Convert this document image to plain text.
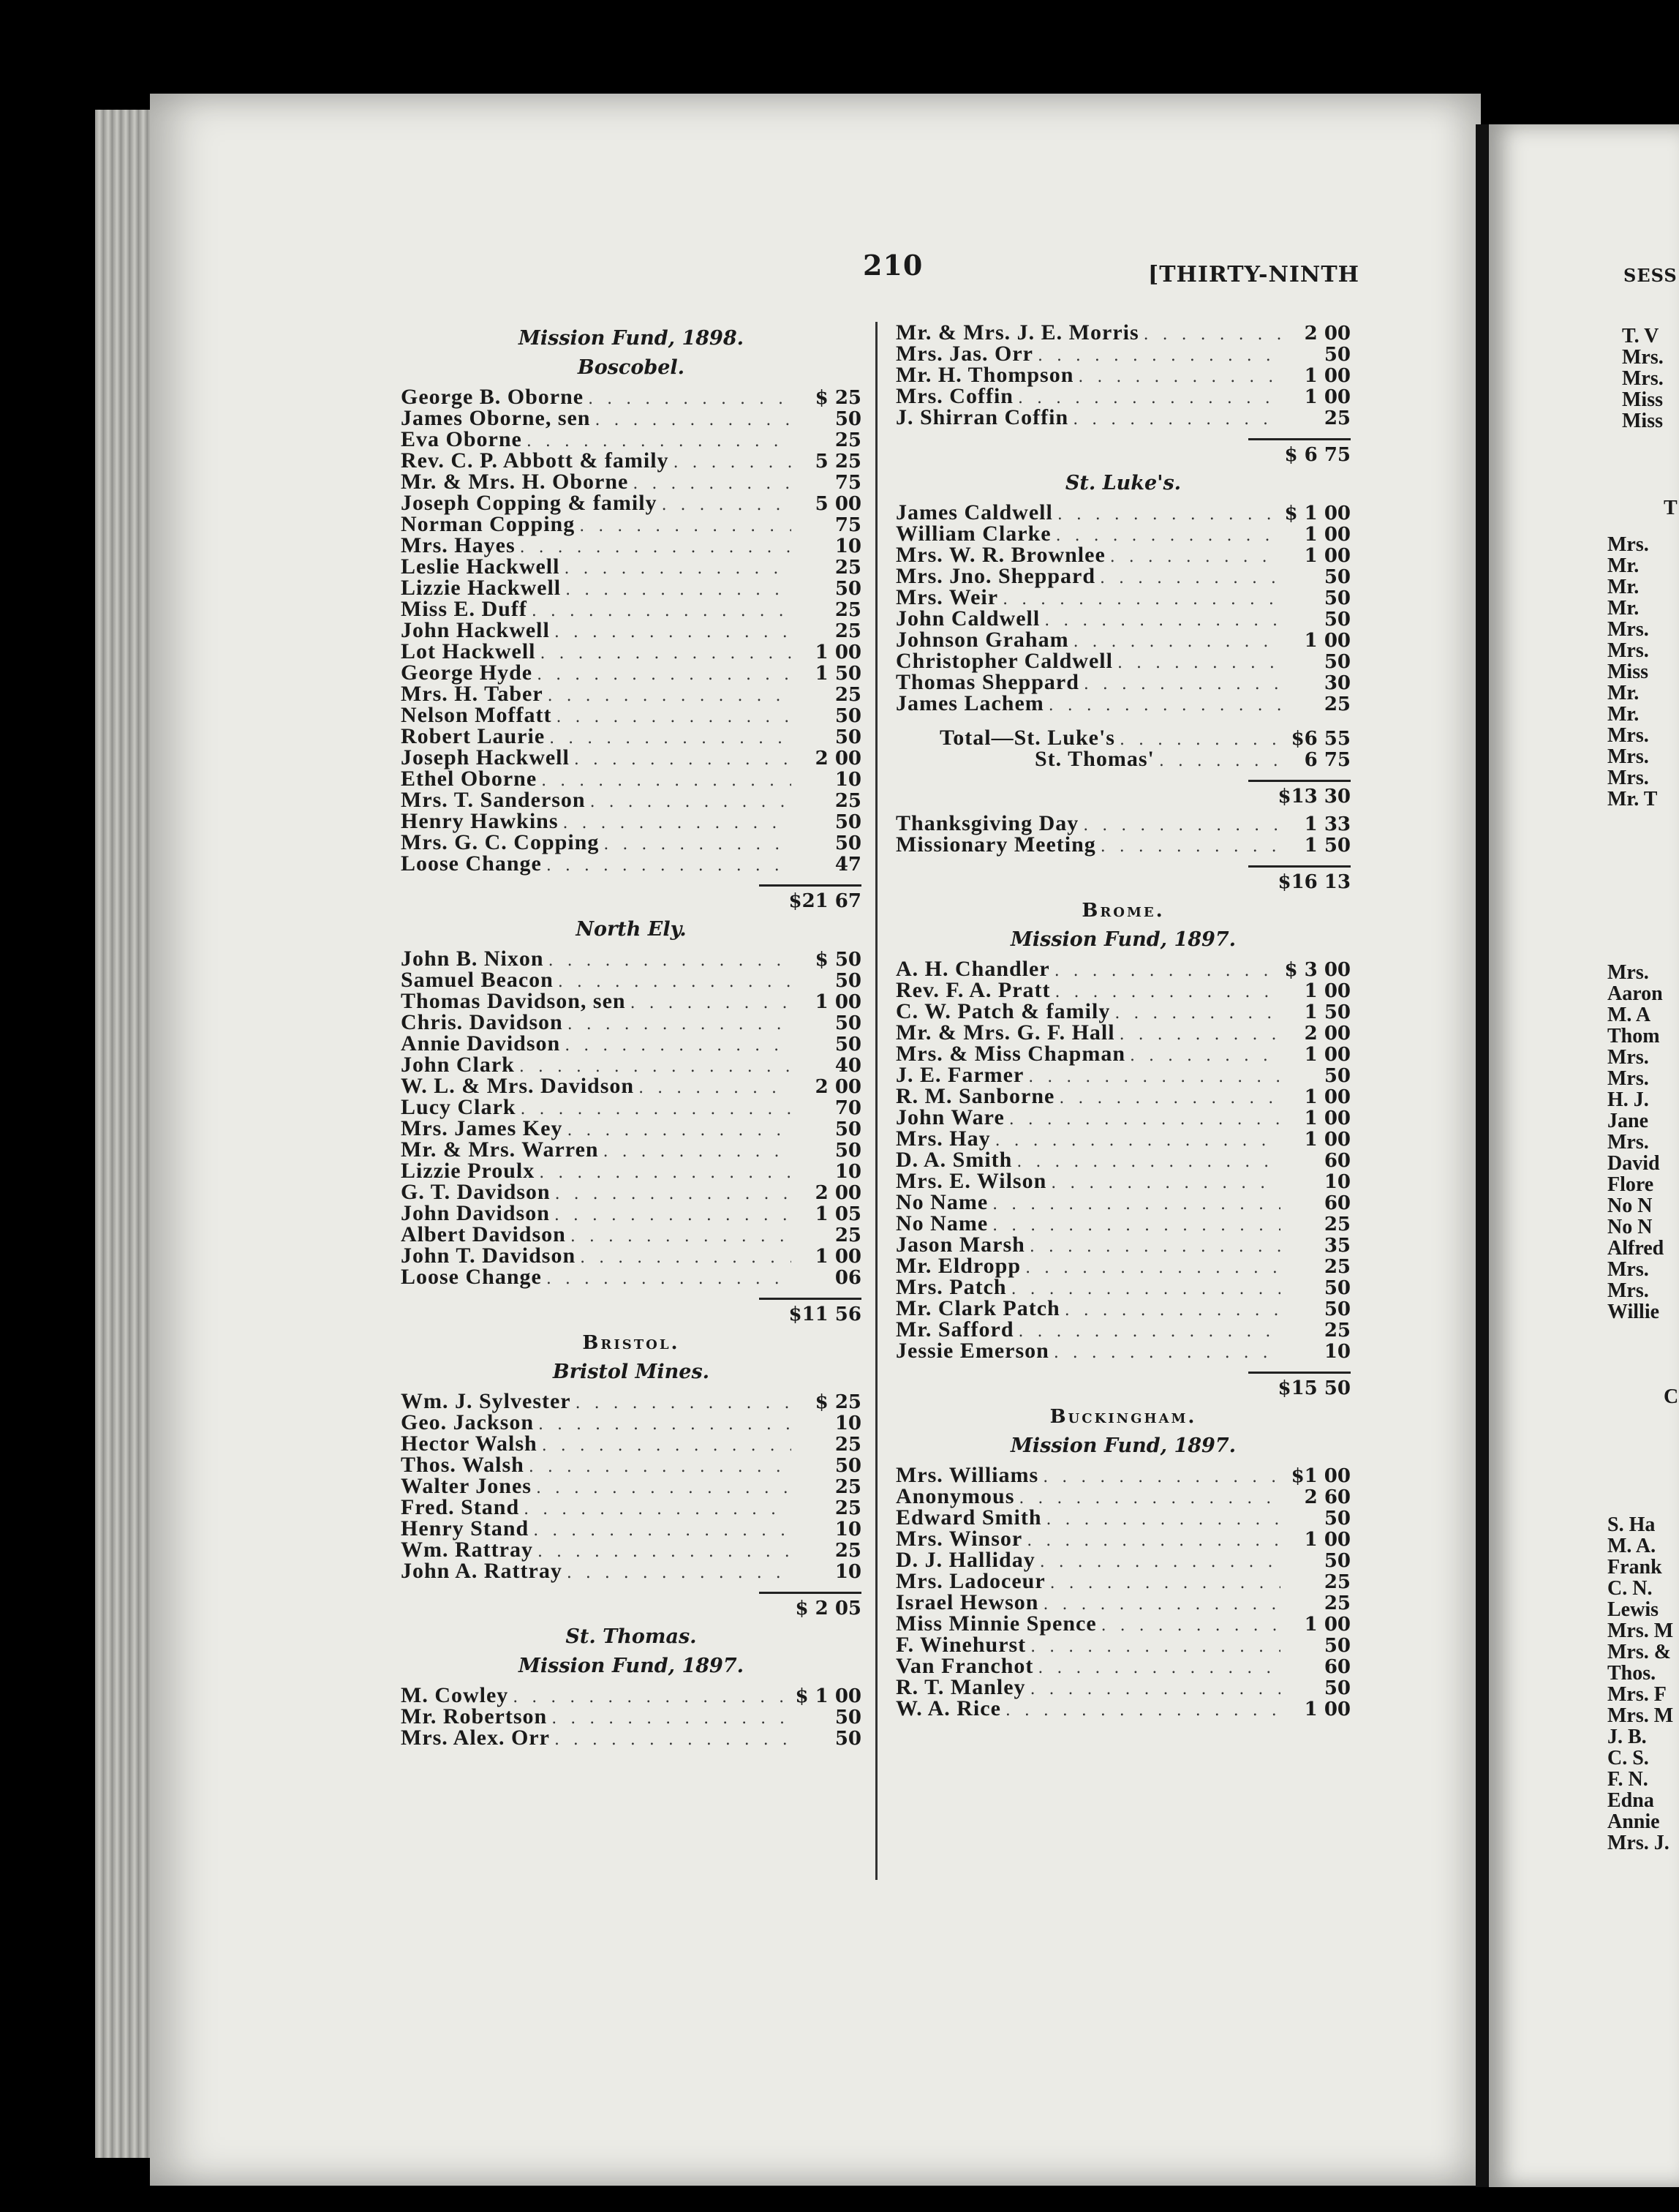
210	[THIRTY-NINTH	SESS
Mission Fund, 1898.
Boscobel.
George B. Oborne . . .	$ 25
James Oborne, sen . . .	50
Eva Oborne . . .	25
Rev. C. P. Abbott & family . . .	5 25
Mr. & Mrs. H. Oborne . . .	75
Joseph Copping & family . . .	5 00
Norman Copping . . .	75
Mrs. Hayes . . .	10
Leslie Hackwell . . .	25
Lizzie Hackwell . . .	50
Miss E. Duff . . .	25
John Hackwell . . .	25
Lot Hackwell . . .	1 00
George Hyde . . .	1 50
Mrs. H. Taber . . .	25
Nelson Moffatt . . .	50
Robert Laurie . . .	50
Joseph Hackwell . . .	2 00
Ethel Oborne . . .	10
Mrs. T. Sanderson . . .	25
Henry Hawkins . . .	50
Mrs. G. C. Copping . . .	50
Loose Change . . .	47
$21 67
North Ely.
John B. Nixon . . .	$ 50
Samuel Beacon . . .	50
Thomas Davidson, sen . . .	1 00
Chris. Davidson . . .	50
Annie Davidson . . .	50
John Clark . . .	40
W. L. & Mrs. Davidson . . .	2 00
Lucy Clark . . .	70
Mrs. James Key . . .	50
Mr. & Mrs. Warren . . .	50
Lizzie Proulx . . .	10
G. T. Davidson . . .	2 00
John Davidson . . .	1 05
Albert Davidson . . .	25
John T. Davidson . . .	1 00
Loose Change . . .	06
$11 56
Bristol.
Bristol Mines.
Wm. J. Sylvester . . .	$ 25
Geo. Jackson . . .	10
Hector Walsh . . .	25
Thos. Walsh . . .	50
Walter Jones . . .	25
Fred. Stand . . .	25
Henry Stand . . .	10
Wm. Rattray . . .	25
John A. Rattray . . .	10
$ 2 05
St. Thomas.
Mission Fund, 1897.
M. Cowley . . .	$ 1 00
Mr. Robertson . . .	50
Mrs. Alex. Orr . . .	50
Mr. & Mrs. J. E. Morris . . .	2 00
Mrs. Jas. Orr . . .	50
Mr. H. Thompson . . .	1 00
Mrs. Coffin . . .	1 00
J. Shirran Coffin . . .	25
$ 6 75
St. Luke's.
James Caldwell . . .	$ 1 00
William Clarke . . .	1 00
Mrs. W. R. Brownlee . . .	1 00
Mrs. Jno. Sheppard . . .	50
Mrs. Weir . . .	50
John Caldwell . . .	50
Johnson Graham . . .	1 00
Christopher Caldwell . . .	50
Thomas Sheppard . . .	30
James Lachem . . .	25
Total—St. Luke's . . .	$6 55
St. Thomas' . . .	6 75
$13 30
Thanksgiving Day . . .	1 33
Missionary Meeting . . .	1 50
$16 13
Brome.
Mission Fund, 1897.
A. H. Chandler . . .	$ 3 00
Rev. F. A. Pratt . . .	1 00
C. W. Patch & family . . .	1 50
Mr. & Mrs. G. F. Hall . . .	2 00
Mrs. & Miss Chapman . . .	1 00
J. E. Farmer . . .	50
R. M. Sanborne . . .	1 00
John Ware . . .	1 00
Mrs. Hay . . .	1 00
D. A. Smith . . .	60
Mrs. E. Wilson . . .	10
No Name . . .	60
No Name . . .	25
Jason Marsh . . .	35
Mr. Eldropp . . .	25
Mrs. Patch . . .	50
Mr. Clark Patch . . .	50
Mr. Safford . . .	25
Jessie Emerson . . .	10
$15 50
Buckingham.
Mission Fund, 1897.
Mrs. Williams . . .	$1 00
Anonymous . . .	2 60
Edward Smith . . .	50
Mrs. Winsor . . .	1 00
D. J. Halliday . . .	50
Mrs. Ladoceur . . .	25
Israel Hewson . . .	25
Miss Minnie Spence . . .	1 00
F. Winehurst . . .	50
Van Franchot . . .	60
R. T. Manley . . .	50
W. A. Rice . . .	1 00
T. V
Mrs.
Mrs.
Miss
Miss
T
Mrs.
Mr.
Mr.
Mr.
Mrs.
Mrs.
Miss
Mr.
Mr.
Mrs.
Mrs.
Mrs.
Mr. T
Mrs.
Aaron
M. A
Thom
Mrs.
Mrs.
H. J.
Jane
Mrs.
David
Flore
No N
No N
Alfred
Mrs.
Mrs.
Willie
C
S. Ha
M. A.
Frank
C. N.
Lewis
Mrs. M
Mrs. &
Thos.
Mrs. F
Mrs. M
J. B.
C. S.
F. N.
Edna
Annie
Mrs. J.
